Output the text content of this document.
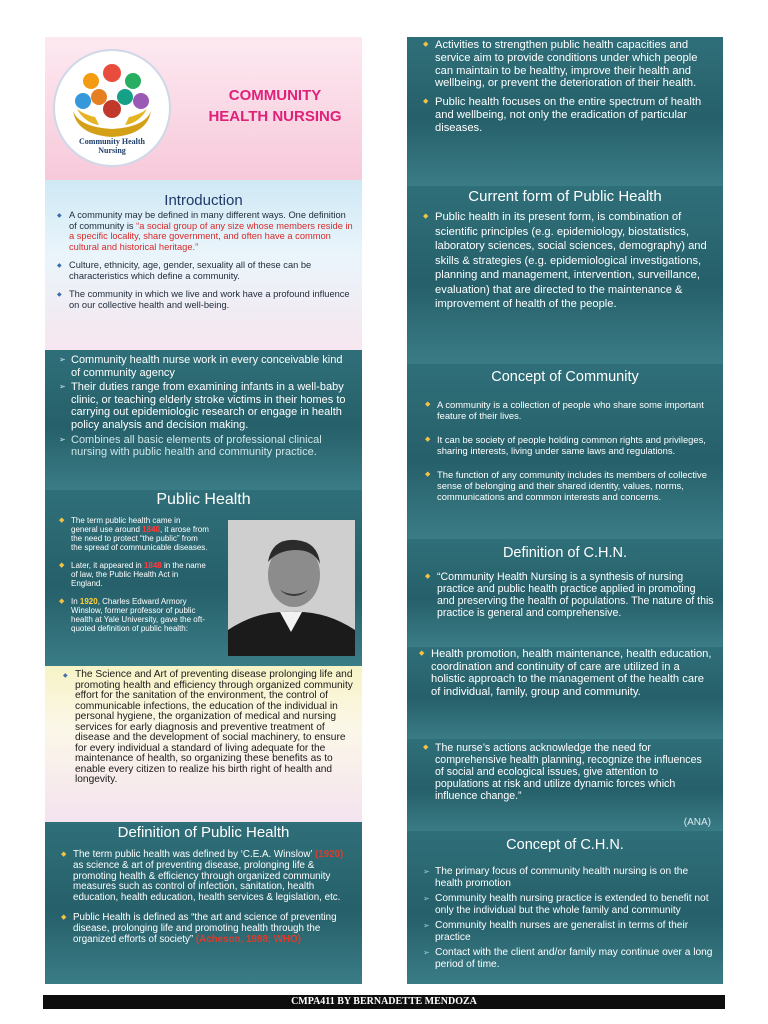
Community Health
Nursing
COMMUNITY
HEALTH NURSING
Introduction
◆ A community may be defined in many different ways. One definition of community is “a social group of any size whose members reside in a specific locality, share government, and often have a common cultural and historical heritage.”
◆ Culture, ethnicity, age, gender, sexuality all of these can be characteristics which define a community.
◆ The community in which we live and work have a profound influence on our collective health and well-being.
➢ Community health nurse work in every conceivable kind of community agency
➢ Their duties range from examining infants in a well-baby clinic, or teaching elderly stroke victims in their homes to carrying out epidemiologic research or engage in health policy analysis and decision making.
➢ Combines all basic elements of professional clinical nursing with public health and community practice.
Public Health
◆ The term public health came in general use around 1840, it arose from the need to protect “the public” from the spread of communicable diseases.
◆ Later, it appeared in 1848 in the name of law, the Public Health Act in England.
◆ In 1920, Charles Edward Armory Winslow, former professor of public health at Yale University, gave the oft-quoted definition of public health:
◆ The Science and Art of preventing disease prolonging life and promoting health and efficiency through organized community effort for the sanitation of the environment, the control of communicable infections, the education of the individual in personal hygiene, the organization of medical and nursing services for early diagnosis and preventive treatment of disease and the development of social machinery, to ensure for every individual a standard of living adequate for the maintenance of health, so organizing these benefits as to enable every citizen to realize his birth right of health and longevity.
Definition of Public Health
◆ The term public health was defined by ‘C.E.A. Winslow’ (1920) as science & art of preventing disease, prolonging life & promoting health & efficiency through organized community measures such as control of infection, sanitation, health education, health education, health services & legislation, etc.
◆ Public Health is defined as “the art and science of preventing disease, prolonging life and promoting health through the organized efforts of society” (Acheson, 1988; WHO)
◆ Activities to strengthen public health capacities and service aim to provide conditions under which people can maintain to be healthy, improve their health and wellbeing, or prevent the deterioration of their health.
◆ Public health focuses on the entire spectrum of health and wellbeing, not only the eradication of particular diseases.
Current form of Public Health
◆ Public health in its present form, is combination of scientific principles (e.g. epidemiology, biostatistics, laboratory sciences, social sciences, demography) and skills & strategies (e.g. epidemiological investigations, planning and management, intervention, surveillance, evaluation) that are directed to the maintenance & improvement of health of the people.
Concept of Community
◆ A community is a collection of people who share some important feature of their lives.
◆ It can be society of people holding common rights and privileges, sharing interests, living under same laws and regulations.
◆ The function of any community includes its members of collective sense of belonging and their shared identity, values, norms, communications and common interests and concerns.
Definition of C.H.N.
◆ “Community Health Nursing is a synthesis of nursing practice and public health practice applied in promoting and preserving the health of populations. The nature of this practice is general and comprehensive.
◆ Health promotion, health maintenance, health education, coordination and continuity of care are utilized in a holistic approach to the management of the health care of individual, family, group and community.
◆ The nurse’s actions acknowledge the need for comprehensive health planning, recognize the influences of social and ecological issues, give attention to populations at risk and utilize dynamic forces which influence change.”
(ANA)
Concept of C.H.N.
➢ The primary focus of community health nursing is on the health promotion
➢ Community health nursing practice is extended to benefit not only the individual but the whole family and community
➢ Community health nurses are generalist in terms of their practice
➢ Contact with the client and/or family may continue over a long period of time.
CMPA411 BY BERNADETTE MENDOZA
